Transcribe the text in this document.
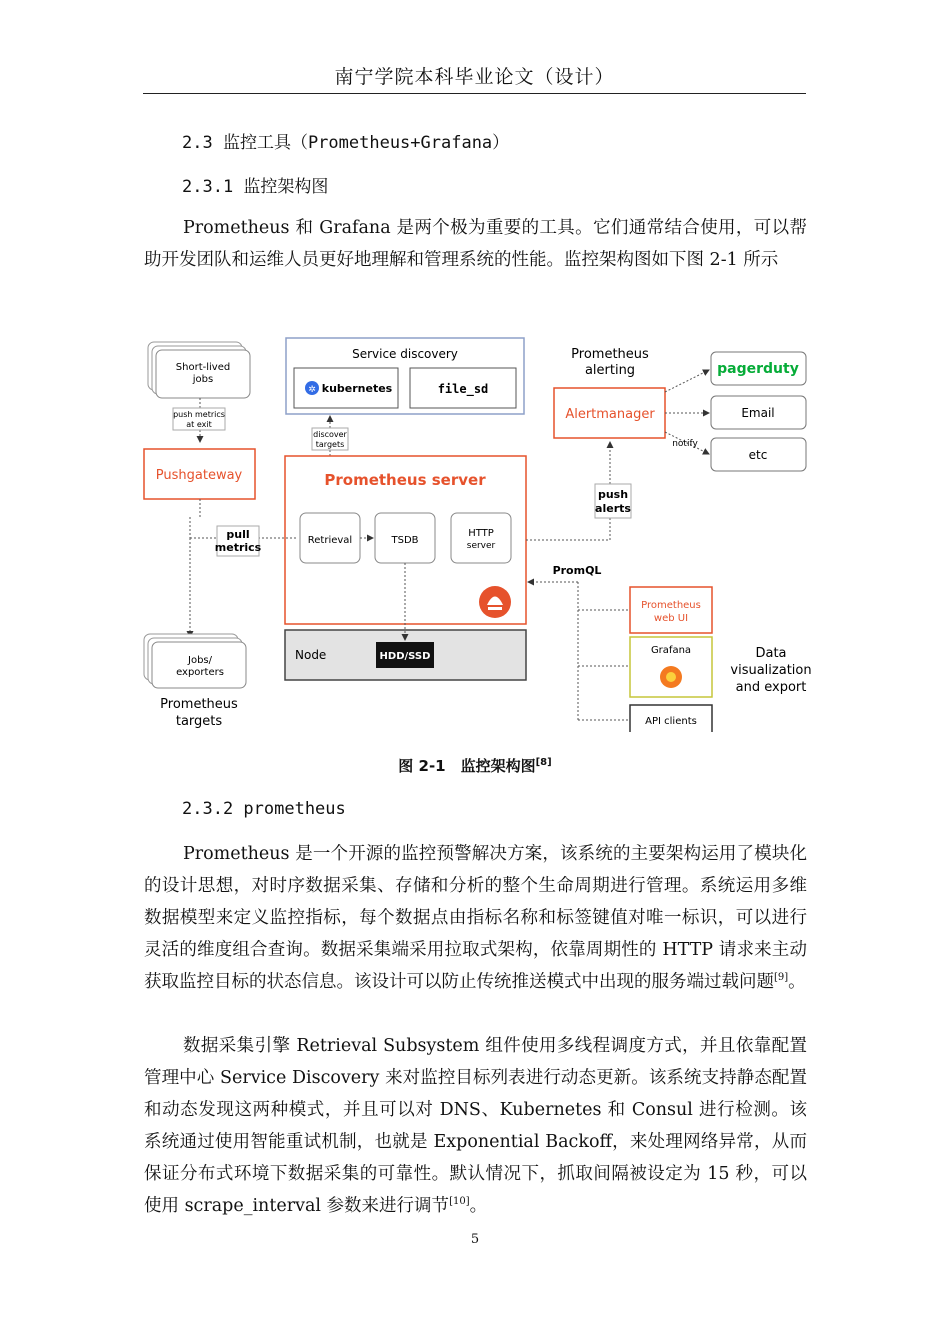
南宁学院本科毕业论文（设计）
2.3 监控工具（Prometheus+Grafana）
2.3.1 监控架构图
Prometheus 和 Grafana 是两个极为重要的工具。它们通常结合使用，可以帮助开发团队和运维人员更好地理解和管理系统的性能。监控架构图如下图 2-1 所示
Short-lived
jobs
push metrics
at exit
Pushgateway
Service discovery
✲ kubernetes	file_sd
discover
targets
Prometheus server
Retrieval	TSDB
HTTP
server
pull
metrics
Node	HDD/SSD
Jobs/
exporters
Prometheus
targets
Prometheus
alerting
Alertmanager
push
alerts
pagerduty
Email
etc
notify
PromQL
Prometheus
web UI
Grafana
API clients
Data
visualization
and export
图 2-1　监控架构图[8]
2.3.2 prometheus
Prometheus 是一个开源的监控预警解决方案，该系统的主要架构运用了模块化的设计思想，对时序数据采集、存储和分析的整个生命周期进行管理。系统运用多维数据模型来定义监控指标，每个数据点由指标名称和标签键值对唯一标识，可以进行灵活的维度组合查询。数据采集端采用拉取式架构，依靠周期性的 HTTP 请求来主动获取监控目标的状态信息。该设计可以防止传统推送模式中出现的服务端过载问题[9]。
数据采集引擎 Retrieval Subsystem 组件使用多线程调度方式，并且依靠配置管理中心 Service Discovery 来对监控目标列表进行动态更新。该系统支持静态配置和动态发现这两种模式，并且可以对 DNS、Kubernetes 和 Consul 进行检测。该系统通过使用智能重试机制，也就是 Exponential Backoff，来处理网络异常，从而保证分布式环境下数据采集的可靠性。默认情况下，抓取间隔被设定为 15 秒，可以使用 scrape_interval 参数来进行调节[10]。
5
